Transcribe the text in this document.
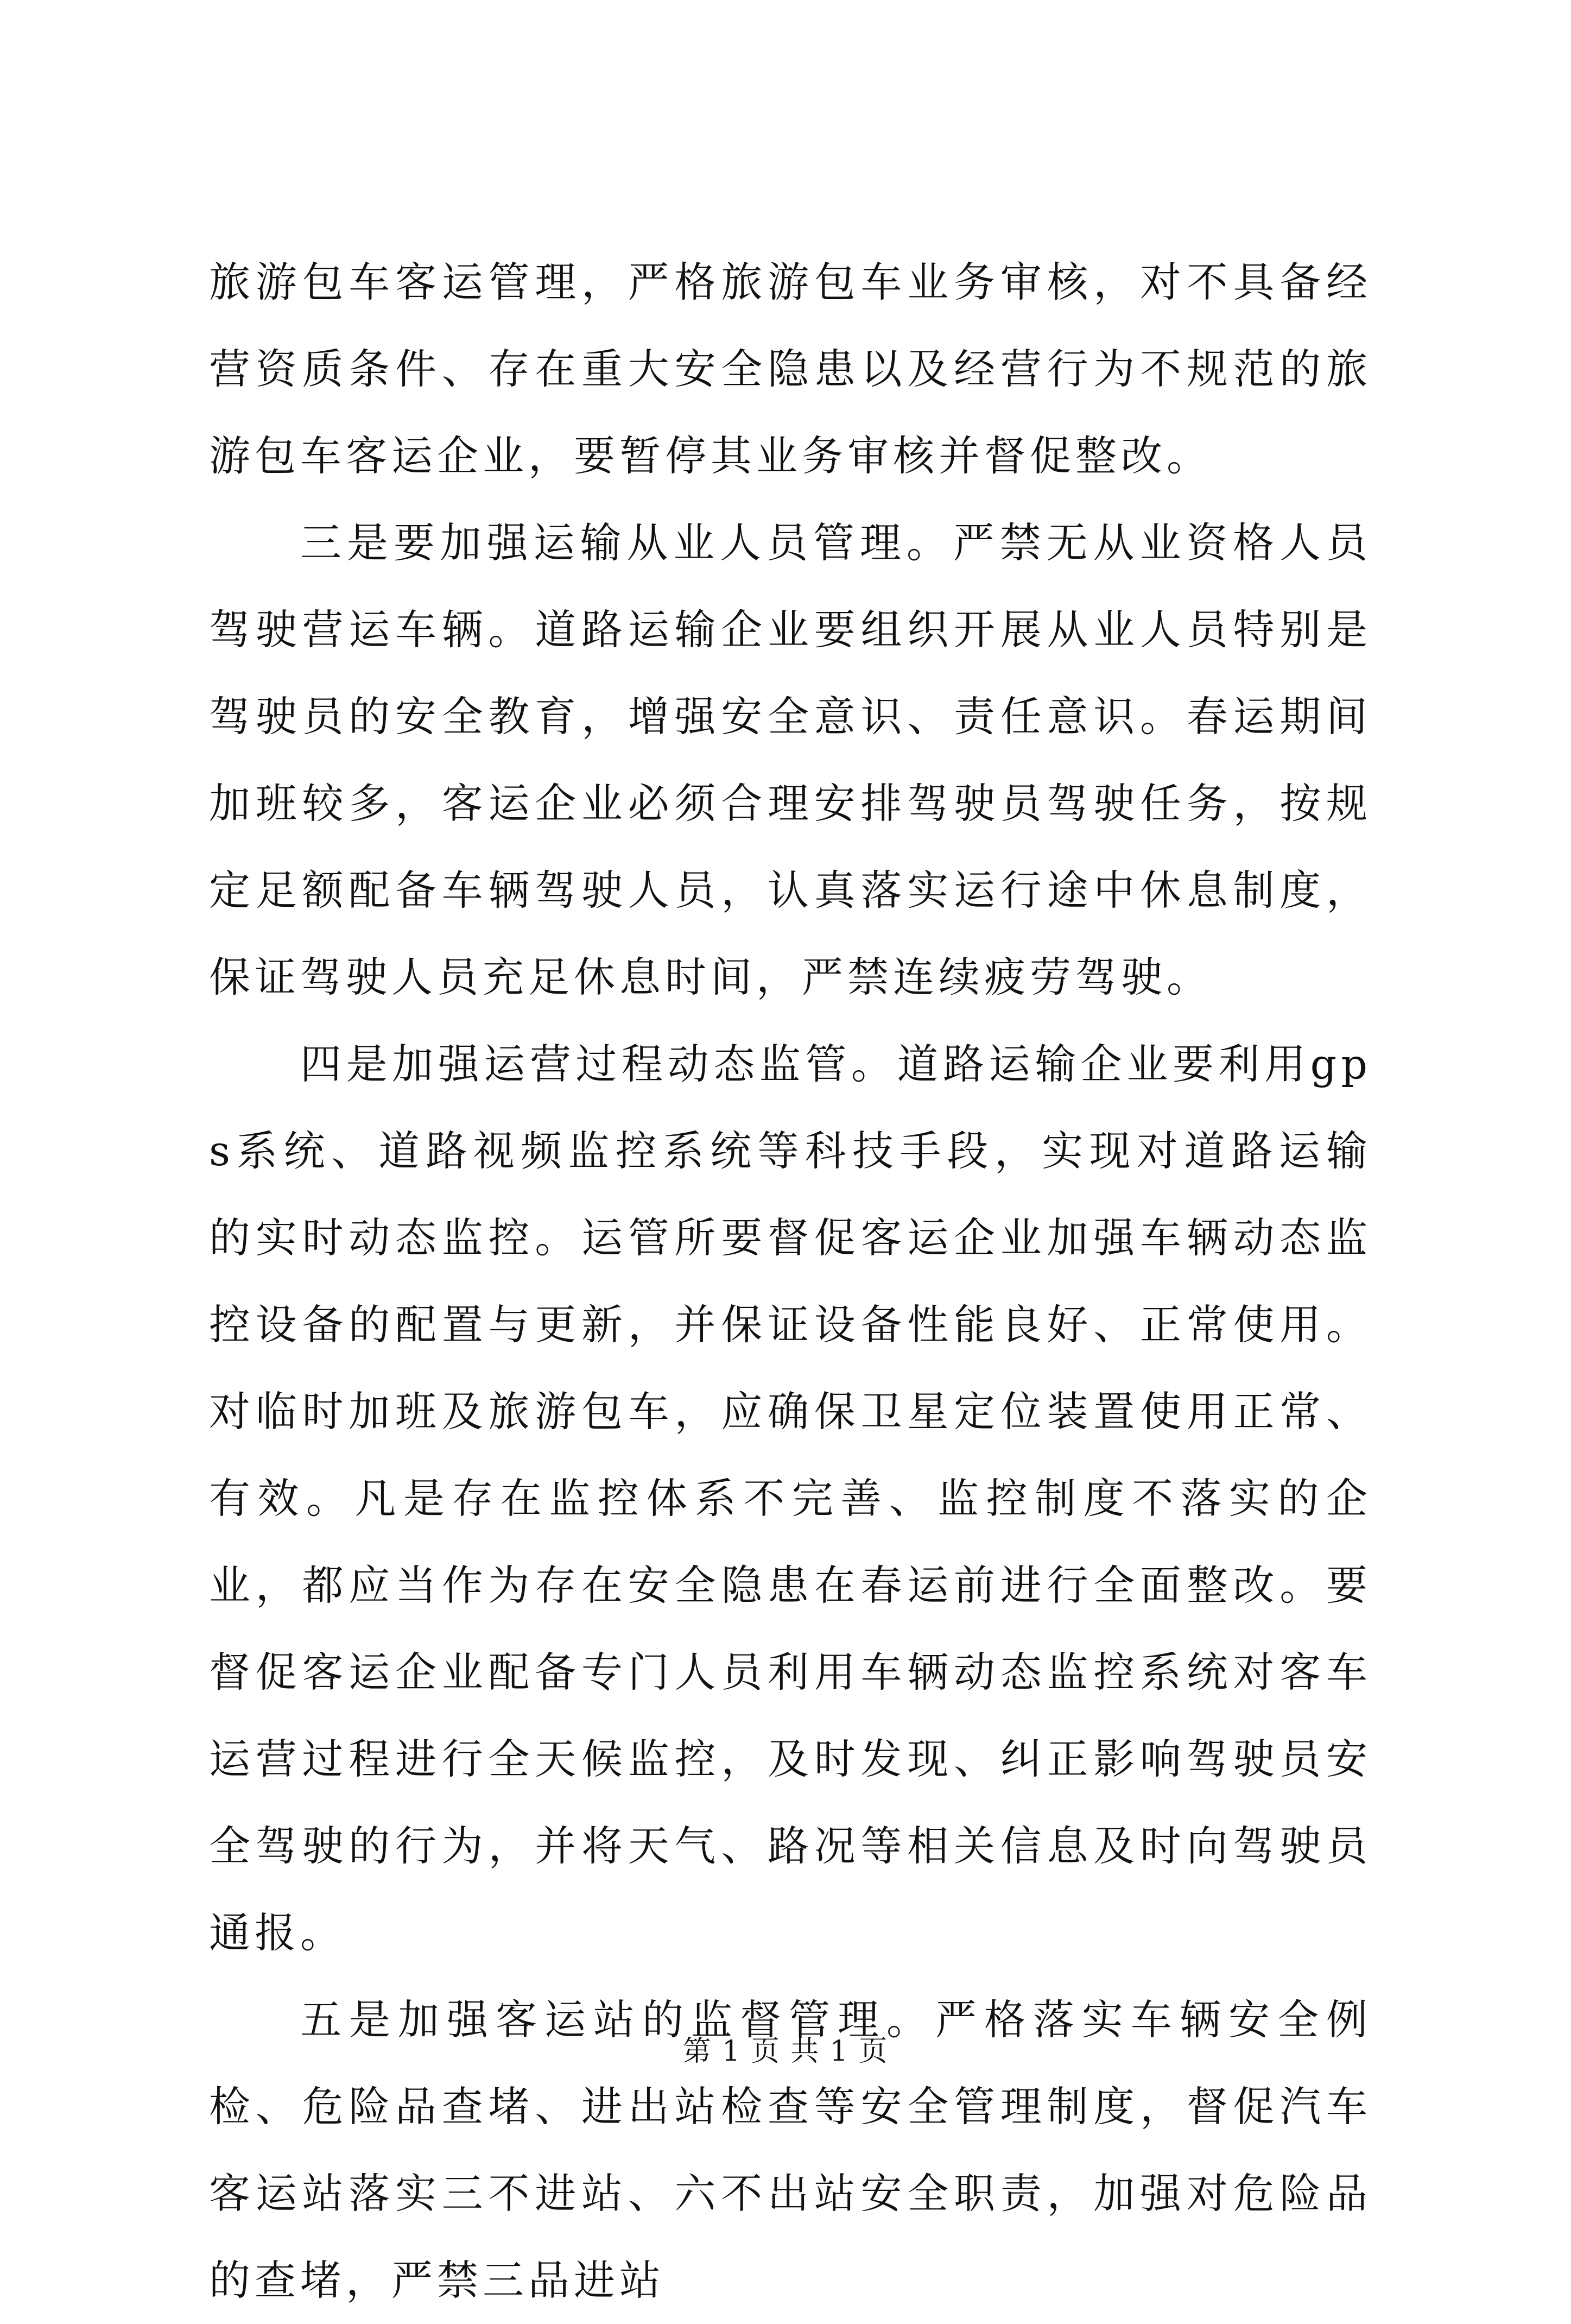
旅游包车客运管理，严格旅游包车业务审核，对不具备经营资质条件、存在重大安全隐患以及经营行为不规范的旅游包车客运企业，要暂停其业务审核并督促整改。

三是要加强运输从业人员管理。严禁无从业资格人员驾驶营运车辆。道路运输企业要组织开展从业人员特别是驾驶员的安全教育，增强安全意识、责任意识。春运期间加班较多，客运企业必须合理安排驾驶员驾驶任务，按规定足额配备车辆驾驶人员，认真落实运行途中休息制度，保证驾驶人员充足休息时间，严禁连续疲劳驾驶。

四是加强运营过程动态监管。道路运输企业要利用gps系统、道路视频监控系统等科技手段，实现对道路运输的实时动态监控。运管所要督促客运企业加强车辆动态监控设备的配置与更新，并保证设备性能良好、正常使用。对临时加班及旅游包车，应确保卫星定位装置使用正常、有效。凡是存在监控体系不完善、监控制度不落实的企业，都应当作为存在安全隐患在春运前进行全面整改。要督促客运企业配备专门人员利用车辆动态监控系统对客车运营过程进行全天候监控，及时发现、纠正影响驾驶员安全驾驶的行为，并将天气、路况等相关信息及时向驾驶员通报。

五是加强客运站的监督管理。严格落实车辆安全例检、危险品查堵、进出站检查等安全管理制度，督促汽车客运站落实三不进站、六不出站安全职责，加强对危险品的查堵，严禁三品进站

第 1 页 共 1 页
